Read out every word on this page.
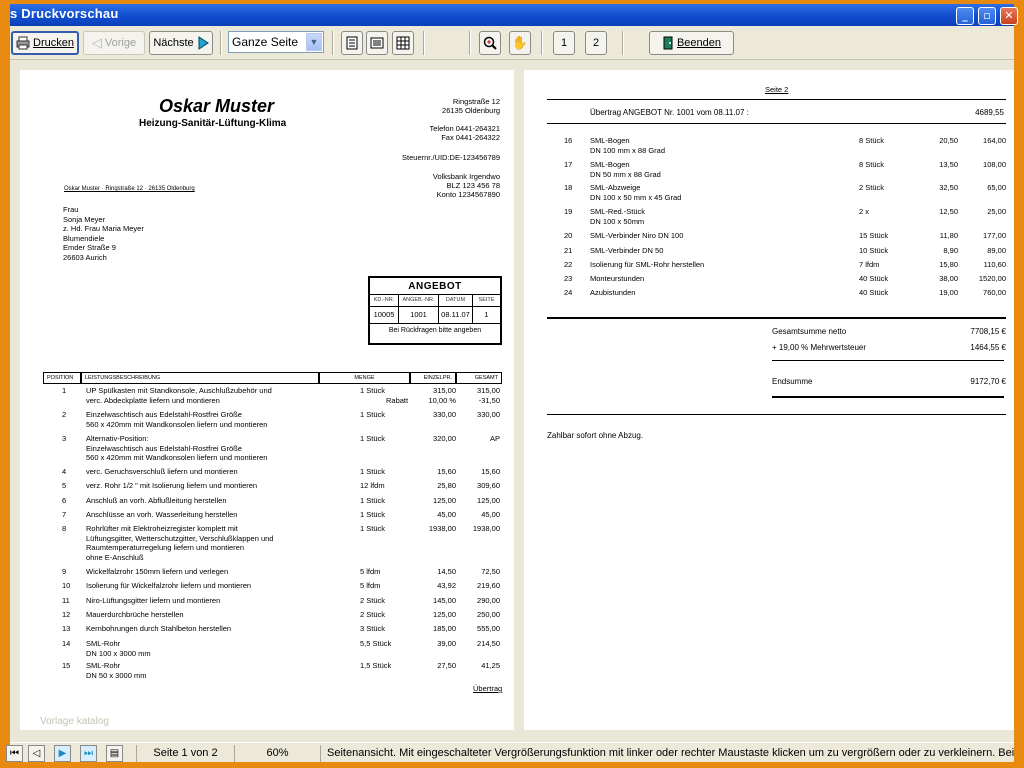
s Druckvorschau	_	▫	✕
Drucken ◁ Vorige Nächste	Ganze Seite	▼	✋	1 2	Beenden
Oskar Muster
Heizung-Sanitär-Lüftung-Klima
Ringstraße 12
26135 Oldenburg
Telefon 0441-264321
Fax 0441-264322
Steuernr./UID:DE-123456789
Volksbank Irgendwo
BLZ 123 456 78
Konto 1234567890
Oskar Muster · Ringstraße 12 · 26135 Oldenburg
Frau
Sonja Meyer
z. Hd. Frau Maria Meyer
Blumendiele
Emder Straße 9
26603 Aurich
ANGEBOT
KD.-NR.	ANGEB.-NR.	DATUM	SEITE
10005	1001	08.11.07	1
Bei Rückfragen bitte angeben
POSITION	LEISTUNGSBESCHREIBUNG	MENGE	EINZELPR.	GESAMT
1	UP Spülkasten mit Standkonsole, Auschlußzubehör und
verc. Abdeckplatte liefern und montieren
1 Stück	315,00	315,00
Rabatt	10,00 %	-31,50
2	Einzelwaschtisch aus Edelstahl-Rostfrei Größe
560 x 420mm mit Wandkonsolen liefern und montieren
1 Stück	330,00	330,00
3	Alternativ-Position:
Einzelwaschtisch aus Edelstahl-Rostfrei Größe
560 x 420mm mit Wandkonsolen liefern und montieren
1 Stück	320,00	AP
4	verc. Geruchsverschluß liefern und montieren	1 Stück	15,60	15,60
5	verz. Rohr 1/2 " mit Isolierung liefern und montieren	12 lfdm	25,80	309,60
6	Anschluß an vorh. Abflußleitung herstellen	1 Stück	125,00	125,00
7	Anschlüsse an vorh. Wasserleitung herstellen	1 Stück	45,00	45,00
8	Rohrlüfter mit Elektroheizregister komplett mit
Lüftungsgitter, Wetterschutzgitter, Verschlußklappen und
Raumtemperaturregelung liefern und montieren
ohne E-Anschluß
1 Stück	1938,00 1938,00
9	Wickelfalzrohr 150mm liefern und verlegen	5 lfdm	14,50	72,50
10 Isolierung für Wickelfalzrohr liefern und montieren	5 lfdm	43,92	219,60
11 Niro-Lüftungsgitter liefern und montieren	2 Stück	145,00	290,00
12 Mauerdurchbrüche herstellen	2 Stück	125,00	250,00
13 Kernbohrungen durch Stahlbeton herstellen	3 Stück	185,00	555,00
14 SML-Rohr
DN 100 x 3000 mm
5,5 Stück	39,00	214,50
15 SML-Rohr
DN 50 x 3000 mm
1,5 Stück	27,50	41,25
Übertrag
Vorlage katalog
Seite 2
Übertrag ANGEBOT Nr. 1001 vom 08.11.07 :	4689,55
16 SML-Bogen
DN 100 mm x 88 Grad
8 Stück	20,50	164,00
17 SML-Bogen
DN 50 mm x 88 Grad
8 Stück	13,50	108,00
18 SML-Abzweige
DN 100 x 50 mm x 45 Grad
2 Stück	32,50	65,00
19 SML-Red.-Stück
DN 100 x 50mm
2 x	12,50	25,00
20 SML-Verbinder Niro DN 100	15 Stück	11,80	177,00
21 SML-Verbinder DN 50	10 Stück	8,90	89,00
22 Isolierung für SML-Rohr herstellen	7 lfdm	15,80	110,60
23 Monteurstunden	40 Stück	38,00	1520,00
24 Azubistunden	40 Stück	19,00	760,00
Gesamtsumme netto	7708,15 €
+ 19,00 % Mehrwertsteuer	1464,55 €
Endsumme	9172,70 €
Zahlbar sofort ohne Abzug.
⏮	◁	▶	⏭	▤	Seite 1 von 2	60%	Seitenansicht. Mit eingeschalteter Vergrößerungsfunktion mit linker oder rechter Maustaste klicken um zu vergrößern oder zu verkleinern. Bei
